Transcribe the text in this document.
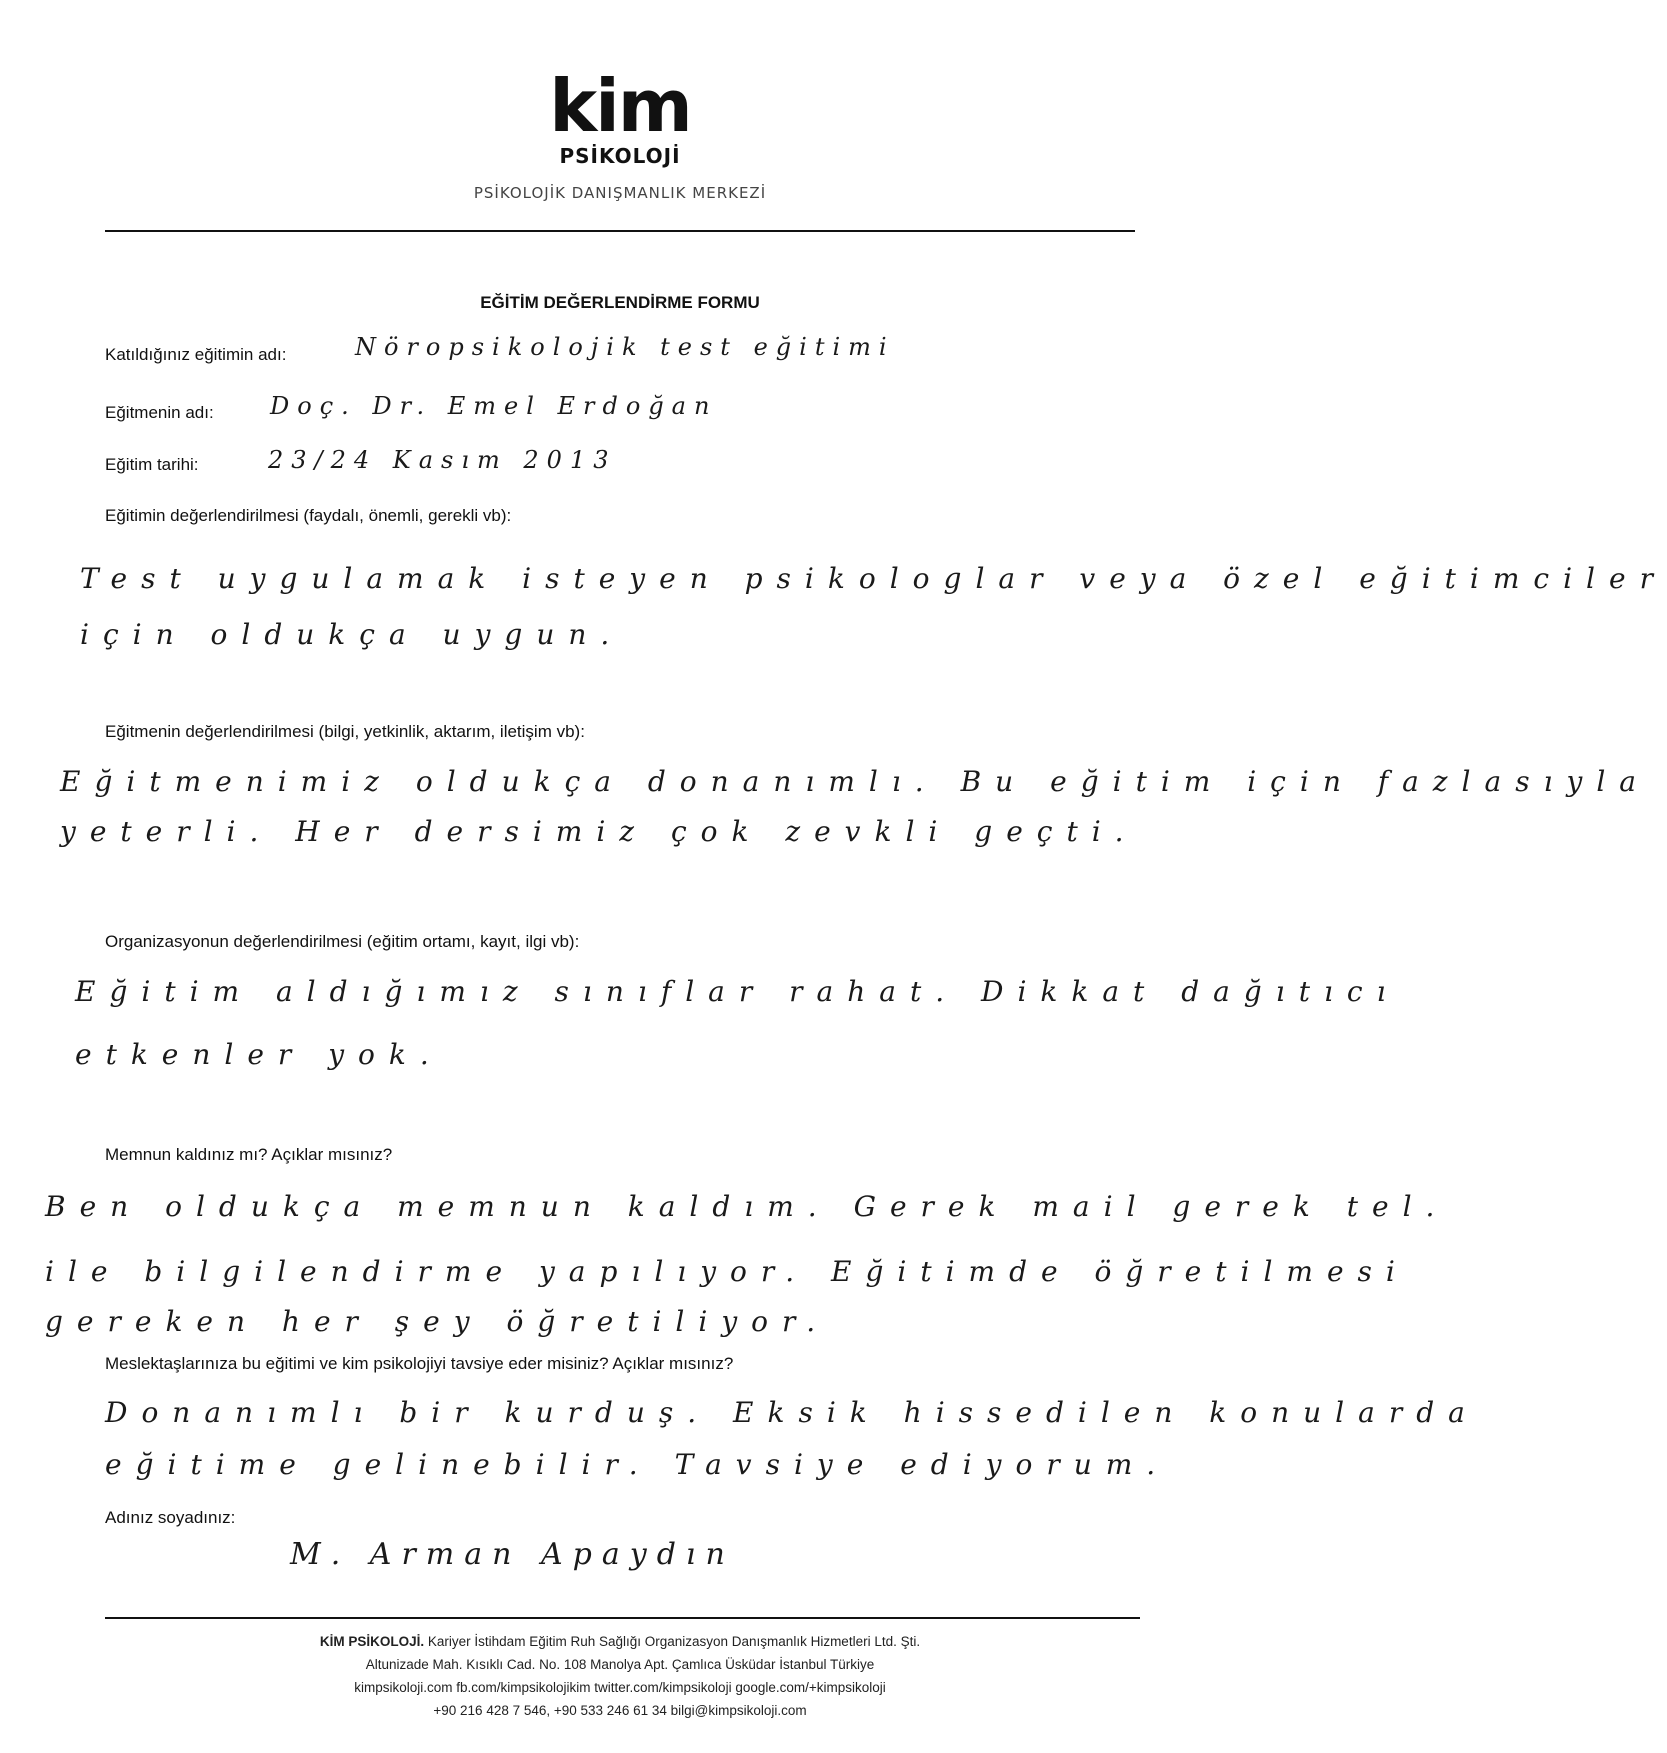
kim
PSİKOLOJİ
PSİKOLOJİK DANIŞMANLIK MERKEZİ
EĞİTİM DEĞERLENDİRME FORMU
Katıldığınız eğitimin adı:	Nöropsikolojik test eğitimi
Eğitmenin adı: Doç. Dr. Emel Erdoğan
Eğitim tarihi:	23/24 Kasım 2013
Eğitimin değerlendirilmesi (faydalı, önemli, gerekli vb):
Test uygulamak isteyen psikologlar veya özel eğitimciler
için oldukça uygun.
Eğitmenin değerlendirilmesi (bilgi, yetkinlik, aktarım, iletişim vb):
Eğitmenimiz oldukça donanımlı. Bu eğitim için fazlasıyla
yeterli. Her dersimiz çok zevkli geçti.
Organizasyonun değerlendirilmesi (eğitim ortamı, kayıt, ilgi vb):
Eğitim aldığımız sınıflar rahat. Dikkat dağıtıcı
etkenler yok.
Memnun kaldınız mı? Açıklar mısınız?
Ben oldukça memnun kaldım. Gerek mail gerek tel.
ile bilgilendirme yapılıyor. Eğitimde öğretilmesi
gereken her şey öğretiliyor.
Meslektaşlarınıza bu eğitimi ve kim psikolojiyi tavsiye eder misiniz? Açıklar mısınız?
Donanımlı bir kurduş. Eksik hissedilen konularda
eğitime gelinebilir. Tavsiye ediyorum.
Adınız soyadınız:
M. Arman Apaydın
KİM PSİKOLOJİ. Kariyer İstihdam Eğitim Ruh Sağlığı Organizasyon Danışmanlık Hizmetleri Ltd. Şti.
Altunizade Mah. Kısıklı Cad. No. 108 Manolya Apt. Çamlıca Üsküdar İstanbul Türkiye
kimpsikoloji.com fb.com/kimpsikolojikim twitter.com/kimpsikoloji google.com/+kimpsikoloji
+90 216 428 7 546, +90 533 246 61 34 bilgi@kimpsikoloji.com
